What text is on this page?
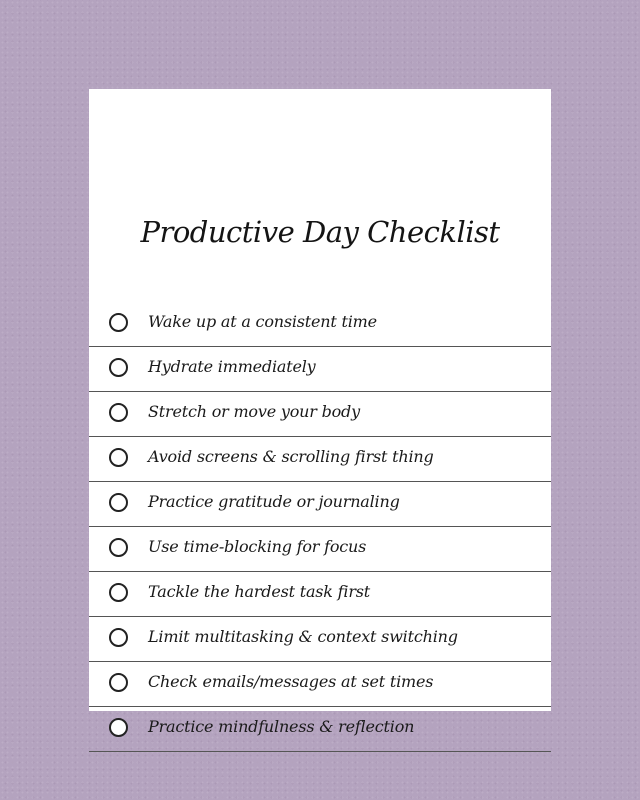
Productive Day Checklist
Wake up at a consistent time
Hydrate immediately
Stretch or move your body
Avoid screens & scrolling first thing
Practice gratitude or journaling
Use time-blocking for focus
Tackle the hardest task first
Limit multitasking & context switching
Check emails/messages at set times
Practice mindfulness & reflection
